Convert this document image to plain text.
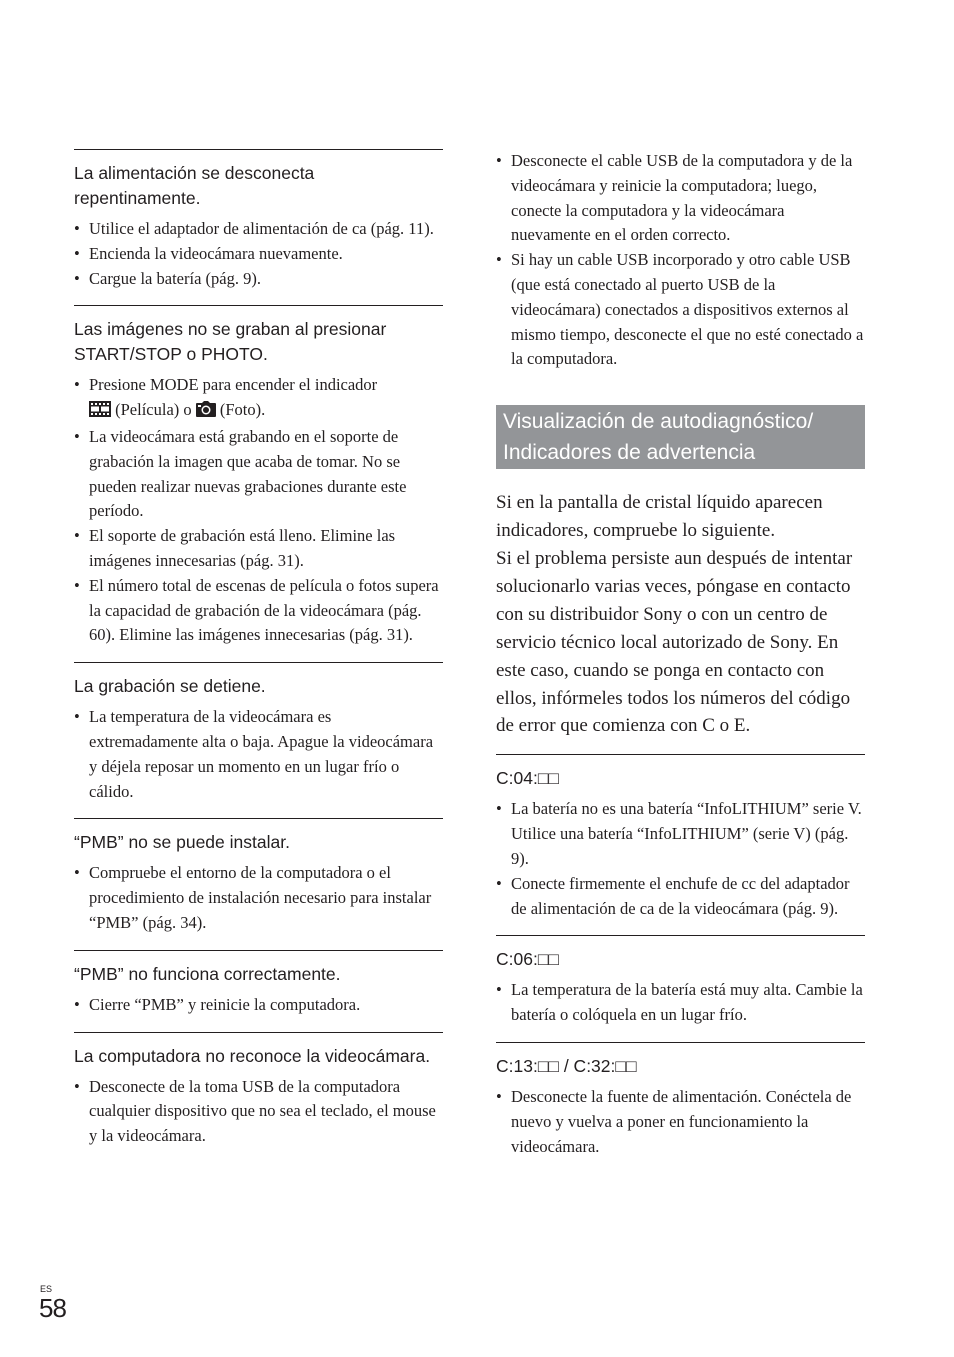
La alimentación se desconecta repentinamente.

• Utilice el adaptador de alimentación de ca (pág. 11).
• Encienda la videocámara nuevamente.
• Cargue la batería (pág. 9).

Las imágenes no se graban al presionar START/STOP o PHOTO.

• Presione MODE para encender el indicador
(Película) o (Foto).
• La videocámara está grabando en el soporte de grabación la imagen que acaba de tomar. No se pueden realizar nuevas grabaciones durante este período.
• El soporte de grabación está lleno. Elimine las imágenes innecesarias (pág. 31).
• El número total de escenas de película o fotos supera la capacidad de grabación de la videocámara (pág. 60). Elimine las imágenes innecesarias (pág. 31).

La grabación se detiene.

• La temperatura de la videocámara es extremadamente alta o baja. Apague la videocámara y déjela reposar un momento en un lugar frío o cálido.

“PMB” no se puede instalar.

• Compruebe el entorno de la computadora o el procedimiento de instalación necesario para instalar “PMB” (pág. 34).

“PMB” no funciona correctamente.

• Cierre “PMB” y reinicie la computadora.

La computadora no reconoce la videocámara.

• Desconecte de la toma USB de la computadora cualquier dispositivo que no sea el teclado, el mouse y la videocámara.
• Desconecte el cable USB de la computadora y de la videocámara y reinicie la computadora; luego, conecte la computadora y la videocámara nuevamente en el orden correcto.
• Si hay un cable USB incorporado y otro cable USB (que está conectado al puerto USB de la videocámara) conectados a dispositivos externos al mismo tiempo, desconecte el que no esté conectado a la computadora.
Visualización de autodiagnóstico/
Indicadores de advertencia

Si en la pantalla de cristal líquido aparecen indicadores, compruebe lo siguiente.

Si el problema persiste aun después de intentar solucionarlo varias veces, póngase en contacto con su distribuidor Sony o con un centro de servicio técnico local autorizado de Sony. En este caso, cuando se ponga en contacto con ellos, infórmeles todos los números del código de error que comienza con C o E.

C:04:□□

• La batería no es una batería “InfoLITHIUM” serie V. Utilice una batería “InfoLITHIUM” (serie V) (pág. 9).
• Conecte firmemente el enchufe de cc del adaptador de alimentación de ca de la videocámara (pág. 9).

C:06:□□

• La temperatura de la batería está muy alta. Cambie la batería o colóquela en un lugar frío.

C:13:□□ / C:32:□□

• Desconecte la fuente de alimentación. Conéctela de nuevo y vuelva a poner en funcionamiento la videocámara.
ES
58
